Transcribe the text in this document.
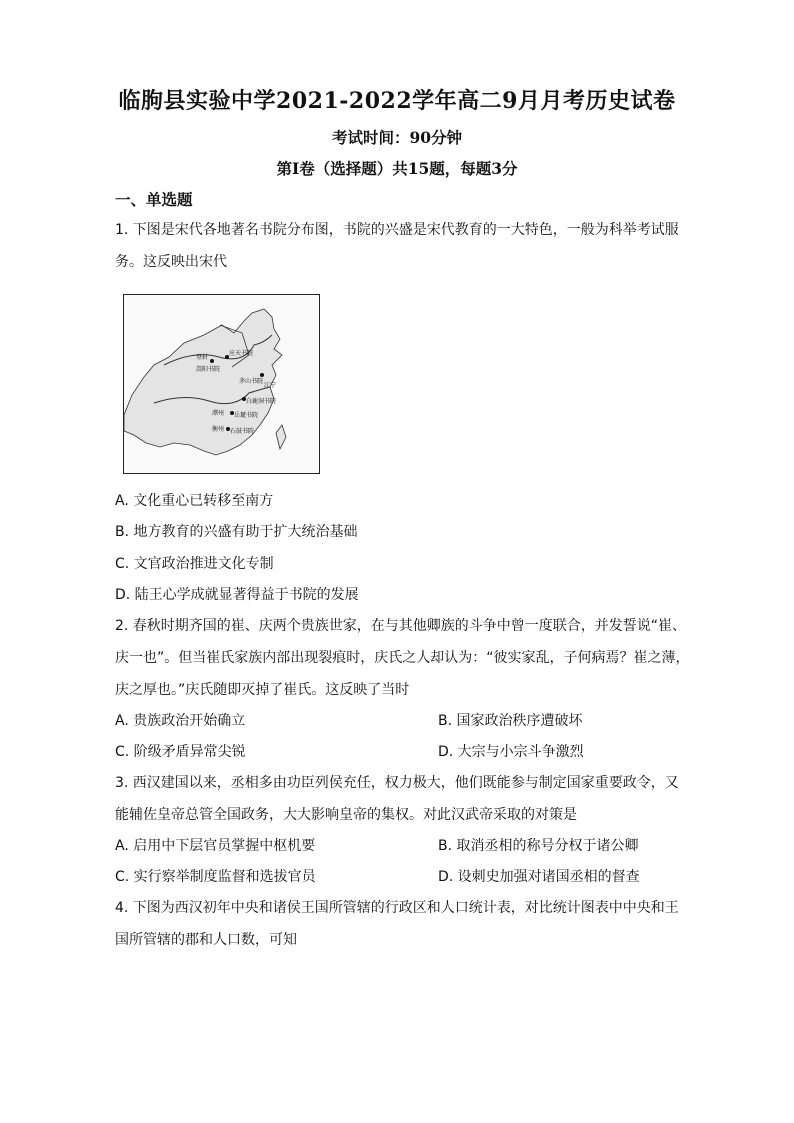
临朐县实验中学2021-2022学年高二9月月考历史试卷
考试时间：90分钟
第I卷（选择题）共15题，每题3分
一、单选题
1. 下图是宋代各地著名书院分布图，书院的兴盛是宋代教育的一大特色，一般为科举考试服
务。这反映出宋代
应天书院
嵩阳书院
茅山书院
白鹿洞书院
岳麓书院
石鼓书院
登封
潭州
衡州
江宁
A. 文化重心已转移至南方
B. 地方教育的兴盛有助于扩大统治基础
C. 文官政治推进文化专制
D. 陆王心学成就显著得益于书院的发展
2. 春秋时期齐国的崔、庆两个贵族世家，在与其他卿族的斗争中曾一度联合，并发誓说“崔、
庆一也”。但当崔氏家族内部出现裂痕时，庆氏之人却认为：“彼实家乱，子何病焉？崔之薄，
庆之厚也。”庆氏随即灭掉了崔氏。这反映了当时
A. 贵族政治开始确立	B. 国家政治秩序遭破坏
C. 阶级矛盾异常尖锐	D. 大宗与小宗斗争激烈
3. 西汉建国以来，丞相多由功臣列侯充任，权力极大，他们既能参与制定国家重要政令，又
能辅佐皇帝总管全国政务，大大影响皇帝的集权。对此汉武帝采取的对策是
A. 启用中下层官员掌握中枢机要	B. 取消丞相的称号分权于诸公卿
C. 实行察举制度监督和选拔官员	D. 设刺史加强对诸国丞相的督查
4. 下图为西汉初年中央和诸侯王国所管辖的行政区和人口统计表，对比统计图表中中央和王
国所管辖的郡和人口数，可知
